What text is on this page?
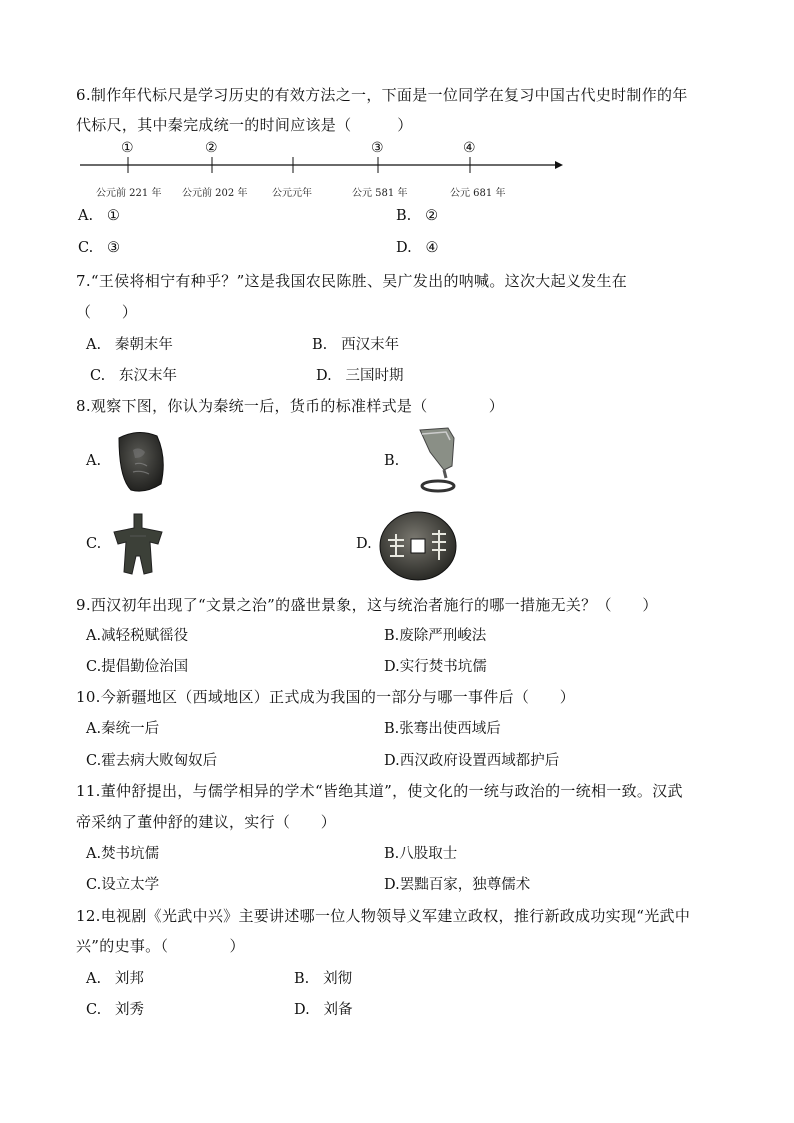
6.制作年代标尺是学习历史的有效方法之一，下面是一位同学在复习中国古代史时制作的年
代标尺，其中秦完成统一的时间应该是（　　　）
①	②	③	④
公元前 221 年 公元前 202 年 公元元年	公元 581 年	公元 681 年
A. ①	B. ②
C. ③	D. ④
7.“王侯将相宁有种乎？”这是我国农民陈胜、吴广发出的呐喊。这次大起义发生在
（　　）
A. 秦朝末年	B. 西汉末年
C. 东汉末年	D. 三国时期
8.观察下图，你认为秦统一后，货币的标准样式是（　　　　）
A.	B.
C.	D.
9.西汉初年出现了“文景之治”的盛世景象，这与统治者施行的哪一措施无关？（　　）
A.减轻税赋徭役	B.废除严刑峻法
C.提倡勤俭治国	D.实行焚书坑儒
10.今新疆地区（西域地区）正式成为我国的一部分与哪一事件后（　　）
A.秦统一后	B.张骞出使西域后
C.霍去病大败匈奴后	D.西汉政府设置西域都护后
11.董仲舒提出，与儒学相异的学术“皆绝其道”，使文化的一统与政治的一统相一致。汉武
帝采纳了董仲舒的建议，实行（　　）
A.焚书坑儒	B.八股取士
C.设立太学	D.罢黜百家，独尊儒术
12.电视剧《光武中兴》主要讲述哪一位人物领导义军建立政权，推行新政成功实现“光武中
兴”的史事。（　　　　）
A. 刘邦	B. 刘彻
C. 刘秀	D. 刘备
